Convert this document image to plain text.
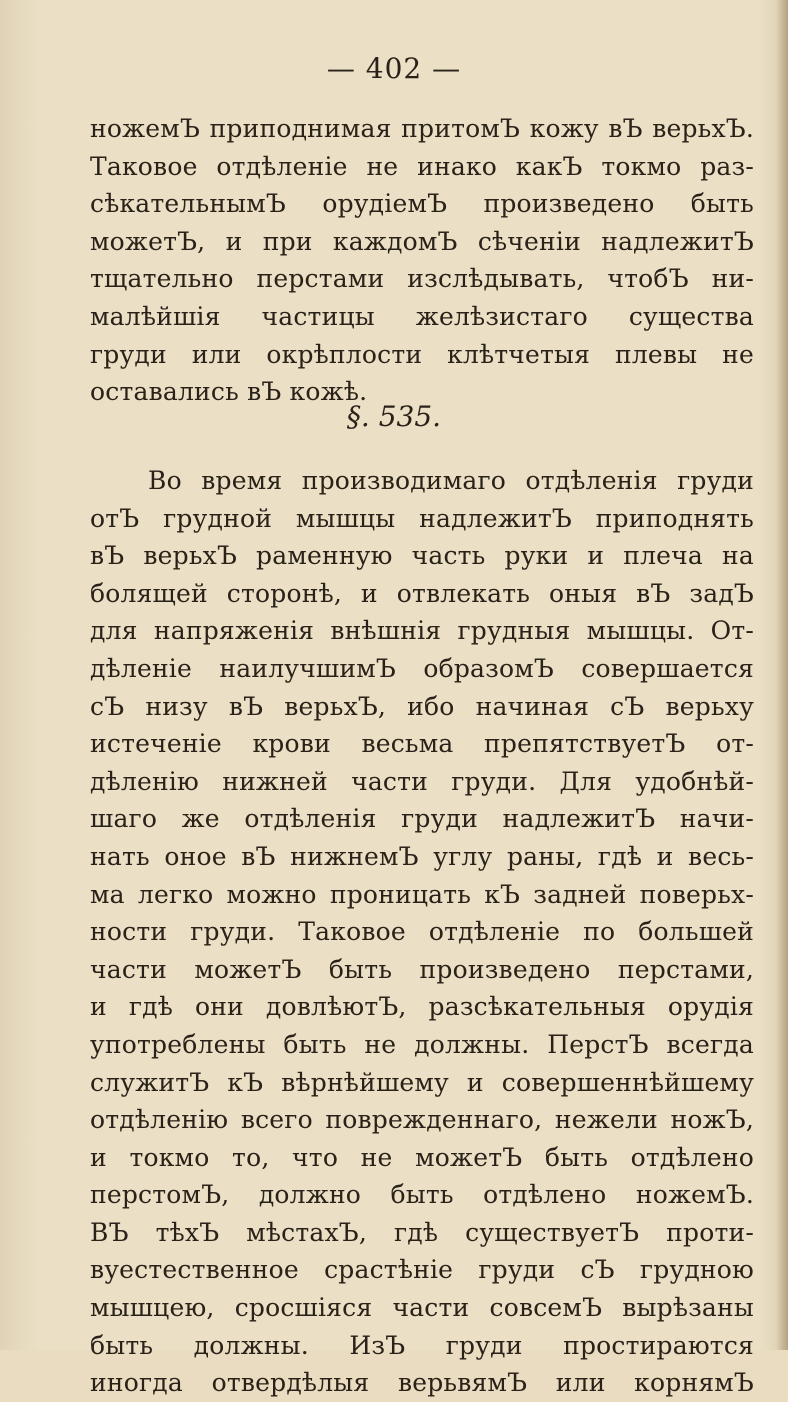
— 402 —
ножемЪ приподнимая притомЪ кожу вЪ верьхЪ.
Таковое отдѣленіе не инако какЪ токмо раз-
сѣкательнымЪ орудіемЪ произведено быть
можетЪ, и при каждомЪ сѣченіи надлежитЪ
тщательно перстами изслѣдывать, чтобЪ ни-
малѣйшія частицы желѣзистаго существа
груди или окрѣплости клѣтчетыя плевы не
оставались вЪ кожѣ.
§. 535.
Во время производимаго отдѣленія груди
отЪ грудной мышцы надлежитЪ приподнять
вЪ верьхЪ раменную часть руки и плеча на
болящей сторонѣ, и отвлекать оныя вЪ задЪ
для напряженія внѣшнія грудныя мышцы. От-
дѣленіе наилучшимЪ образомЪ совершается
сЪ низу вЪ верьхЪ, ибо начиная сЪ верьху
истеченіе крови весьма препятствуетЪ от-
дѣленію нижней части груди. Для удобнѣй-
шаго же отдѣленія груди надлежитЪ начи-
нать оное вЪ нижнемЪ углу раны, гдѣ и весь-
ма легко можно проницать кЪ задней поверьх-
ности груди. Таковое отдѣленіе по большей
части можетЪ быть произведено перстами,
и гдѣ они довлѣютЪ, разсѣкательныя орудія
употреблены быть не должны. ПерстЪ всегда
служитЪ кЪ вѣрнѣйшему и совершеннѣйшему
отдѣленію всего поврежденнаго, нежели ножЪ,
и токмо то, что не можетЪ быть отдѣлено
перстомЪ, должно быть отдѣлено ножемЪ.
ВЪ тѣхЪ мѣстахЪ, гдѣ существуетЪ проти-
вуестественное срастѣніе груди сЪ грудною
мышцею, сросшіяся части совсемЪ вырѣзаны
быть должны. ИзЪ груди простираются
иногда отвердѣлыя верьвямЪ или корнямЪ
